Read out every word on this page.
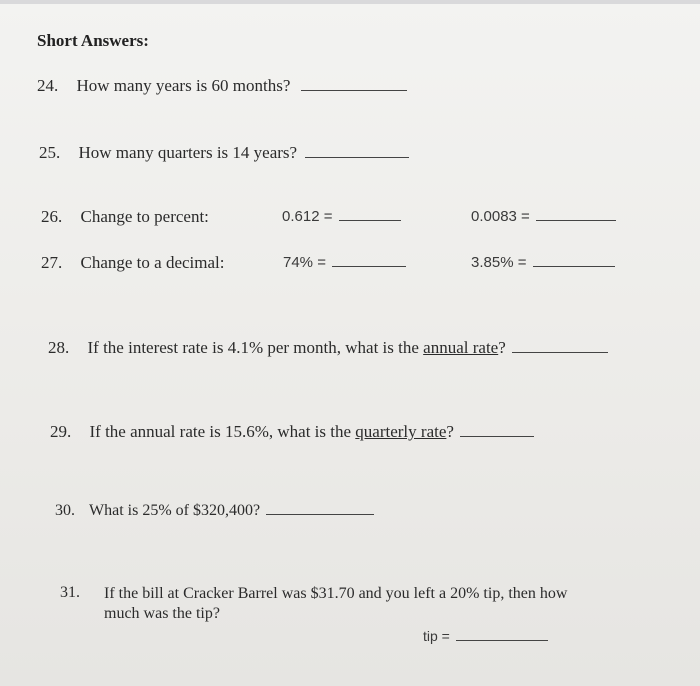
Short Answers:
24. How many years is 60 months?
25. How many quarters is 14 years?
26. Change to percent:	0.612 =	0.0083 =
27. Change to a decimal:	74% =	3.85% =
28. If the interest rate is 4.1% per month, what is the annual rate?
29. If the annual rate is 15.6%, what is the quarterly rate?
30. What is 25% of $320,400?
31. If the bill at Cracker Barrel was $31.70 and you left a 20% tip, then how
much was the tip?
tip =
